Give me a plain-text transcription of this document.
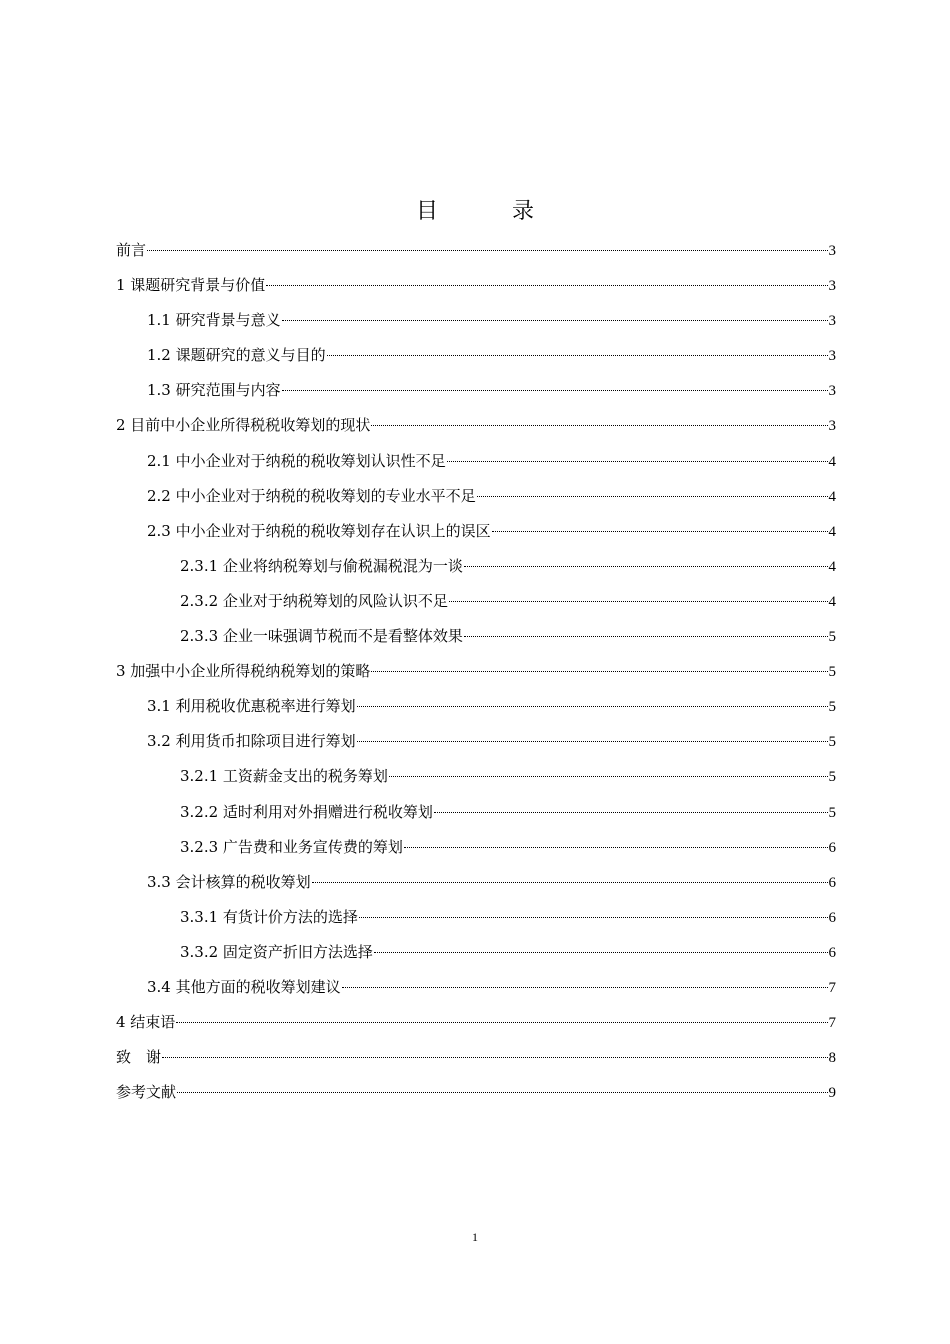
目　录
前言	3
1 课题研究背景与价值	3
1.1 研究背景与意义	3
1.2 课题研究的意义与目的	3
1.3 研究范围与内容	3
2 目前中小企业所得税税收筹划的现状	3
2.1 中小企业对于纳税的税收筹划认识性不足	4
2.2 中小企业对于纳税的税收筹划的专业水平不足	4
2.3 中小企业对于纳税的税收筹划存在认识上的误区	4
2.3.1 企业将纳税筹划与偷税漏税混为一谈	4
2.3.2 企业对于纳税筹划的风险认识不足	4
2.3.3 企业一味强调节税而不是看整体效果	5
3 加强中小企业所得税纳税筹划的策略	5
3.1 利用税收优惠税率进行筹划	5
3.2 利用货币扣除项目进行筹划	5
3.2.1 工资薪金支出的税务筹划	5
3.2.2 适时利用对外捐赠进行税收筹划	5
3.2.3 广告费和业务宣传费的筹划	6
3.3 会计核算的税收筹划	6
3.3.1 有货计价方法的选择	6
3.3.2 固定资产折旧方法选择	6
3.4 其他方面的税收筹划建议	7
4 结束语	7
致　谢	8
参考文献	9
1
